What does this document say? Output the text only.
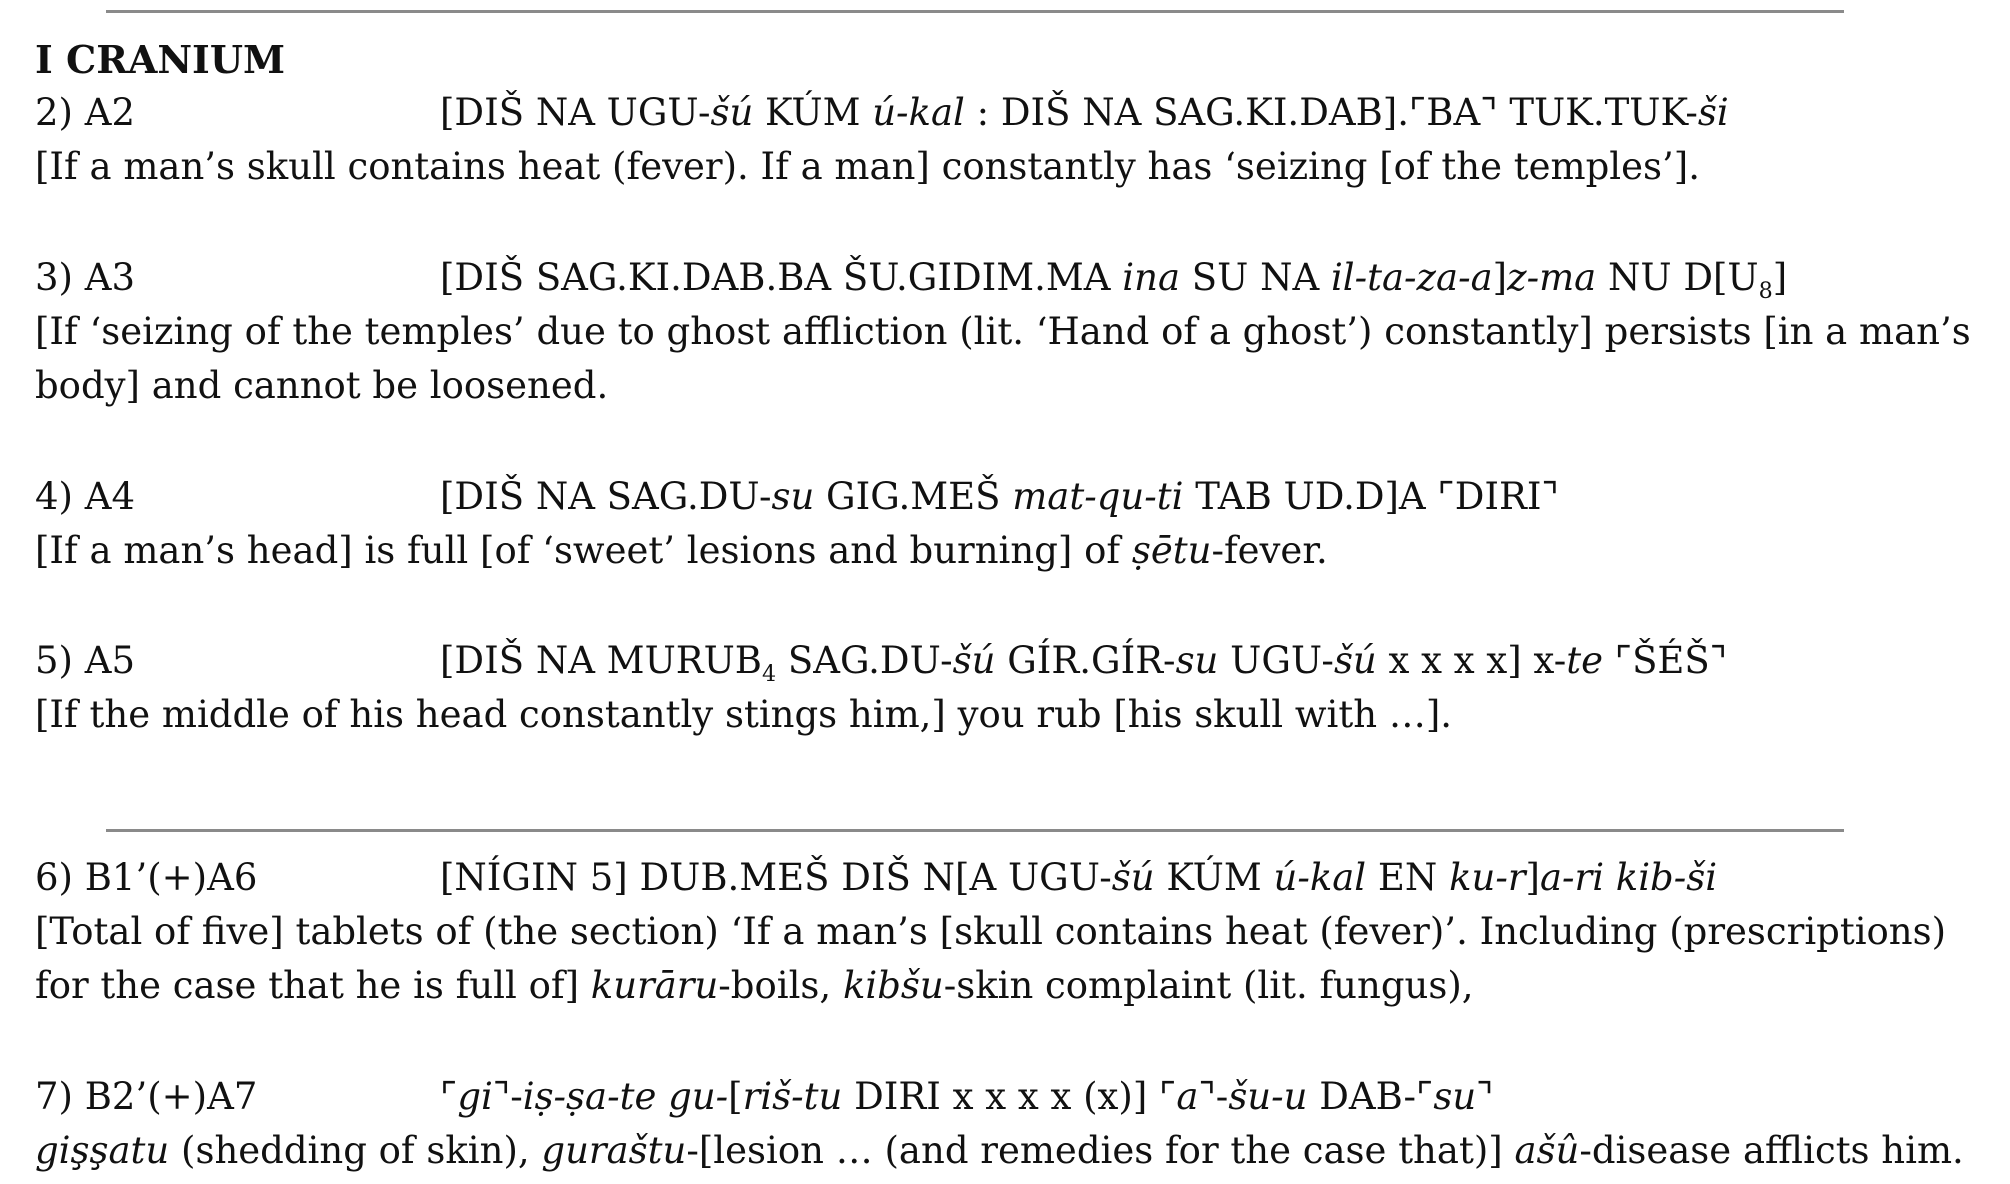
I CRANIUM
2) A2	[DIŠ NA UGU-šú KÚM ú-kal : DIŠ NA SAG.KI.DAB].⌜BA⌝ TUK.TUK-ši
[If a man’s skull contains heat (fever). If a man] constantly has ‘seizing [of the temples’].
3) A3	[DIŠ SAG.KI.DAB.BA ŠU.GIDIM.MA ina SU NA il-ta-za-a]z-ma NU $D[U_8]$
[If ‘seizing of the temples’ due to ghost affliction (lit. ‘Hand of a ghost’) constantly] persists [in a man’s body] and cannot be loosened.
4) A4	[DIŠ NA SAG.DU-su GIG.MEŠ mat-qu-ti TAB UD.D]A ⌜DIRI⌝
[If a man’s head] is full [of ‘sweet’ lesions and burning] of ṣētu-fever.
5) A5	[DIŠ NA $MURUB_4$ SAG.DU-šú GÍR.GÍR-su UGU-šú x x x x] x-te ⌜ŠÉŠ⌝
[If the middle of his head constantly stings him,] you rub [his skull with …].
6) B1’(+)A6	[NÍGIN 5] DUB.MEŠ DIŠ N[A UGU-šú KÚM ú-kal EN ku-r]a-ri kib-ši
[Total of five] tablets of (the section) ‘If a man’s [skull contains heat (fever)’. Including (prescriptions) for the case that he is full of] kurāru-boils, kibšu-skin complaint (lit. fungus),
7) B2’(+)A7	⌜gi⌝-iṣ-ṣa-te gu-[riš-tu DIRI x x x x (x)] ⌜a⌝-šu-u DAB-⌜su⌝
gişşatu (shedding of skin), guraštu-[lesion … (and remedies for the case that)] ašû-disease afflicts him.
